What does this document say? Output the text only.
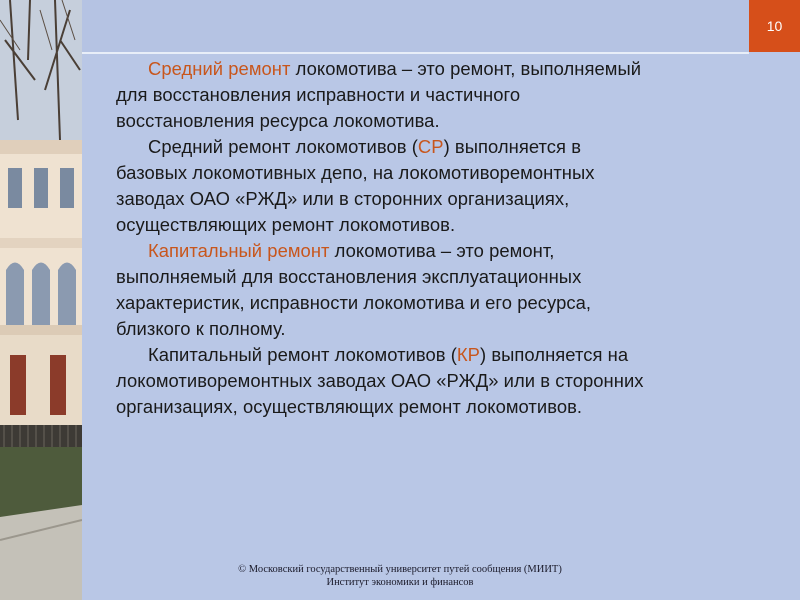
10

Средний ремонт локомотива – это ремонт, выполняемый
для восстановления исправности и частичного
восстановления ресурса локомотива.

Средний ремонт локомотивов (СР) выполняется в
базовых локомотивных депо, на локомотиворемонтных
заводах ОАО «РЖД» или в сторонних организациях,
осуществляющих ремонт локомотивов.

Капитальный ремонт локомотива – это ремонт,
выполняемый для восстановления эксплуатационных
характеристик, исправности локомотива и его ресурса,
близкого к полному.

Капитальный ремонт локомотивов (КР) выполняется на
локомотиворемонтных заводах ОАО «РЖД» или в сторонних
организациях, осуществляющих ремонт локомотивов.

© Московский государственный университет путей сообщения (МИИТ)
Институт экономики и финансов
